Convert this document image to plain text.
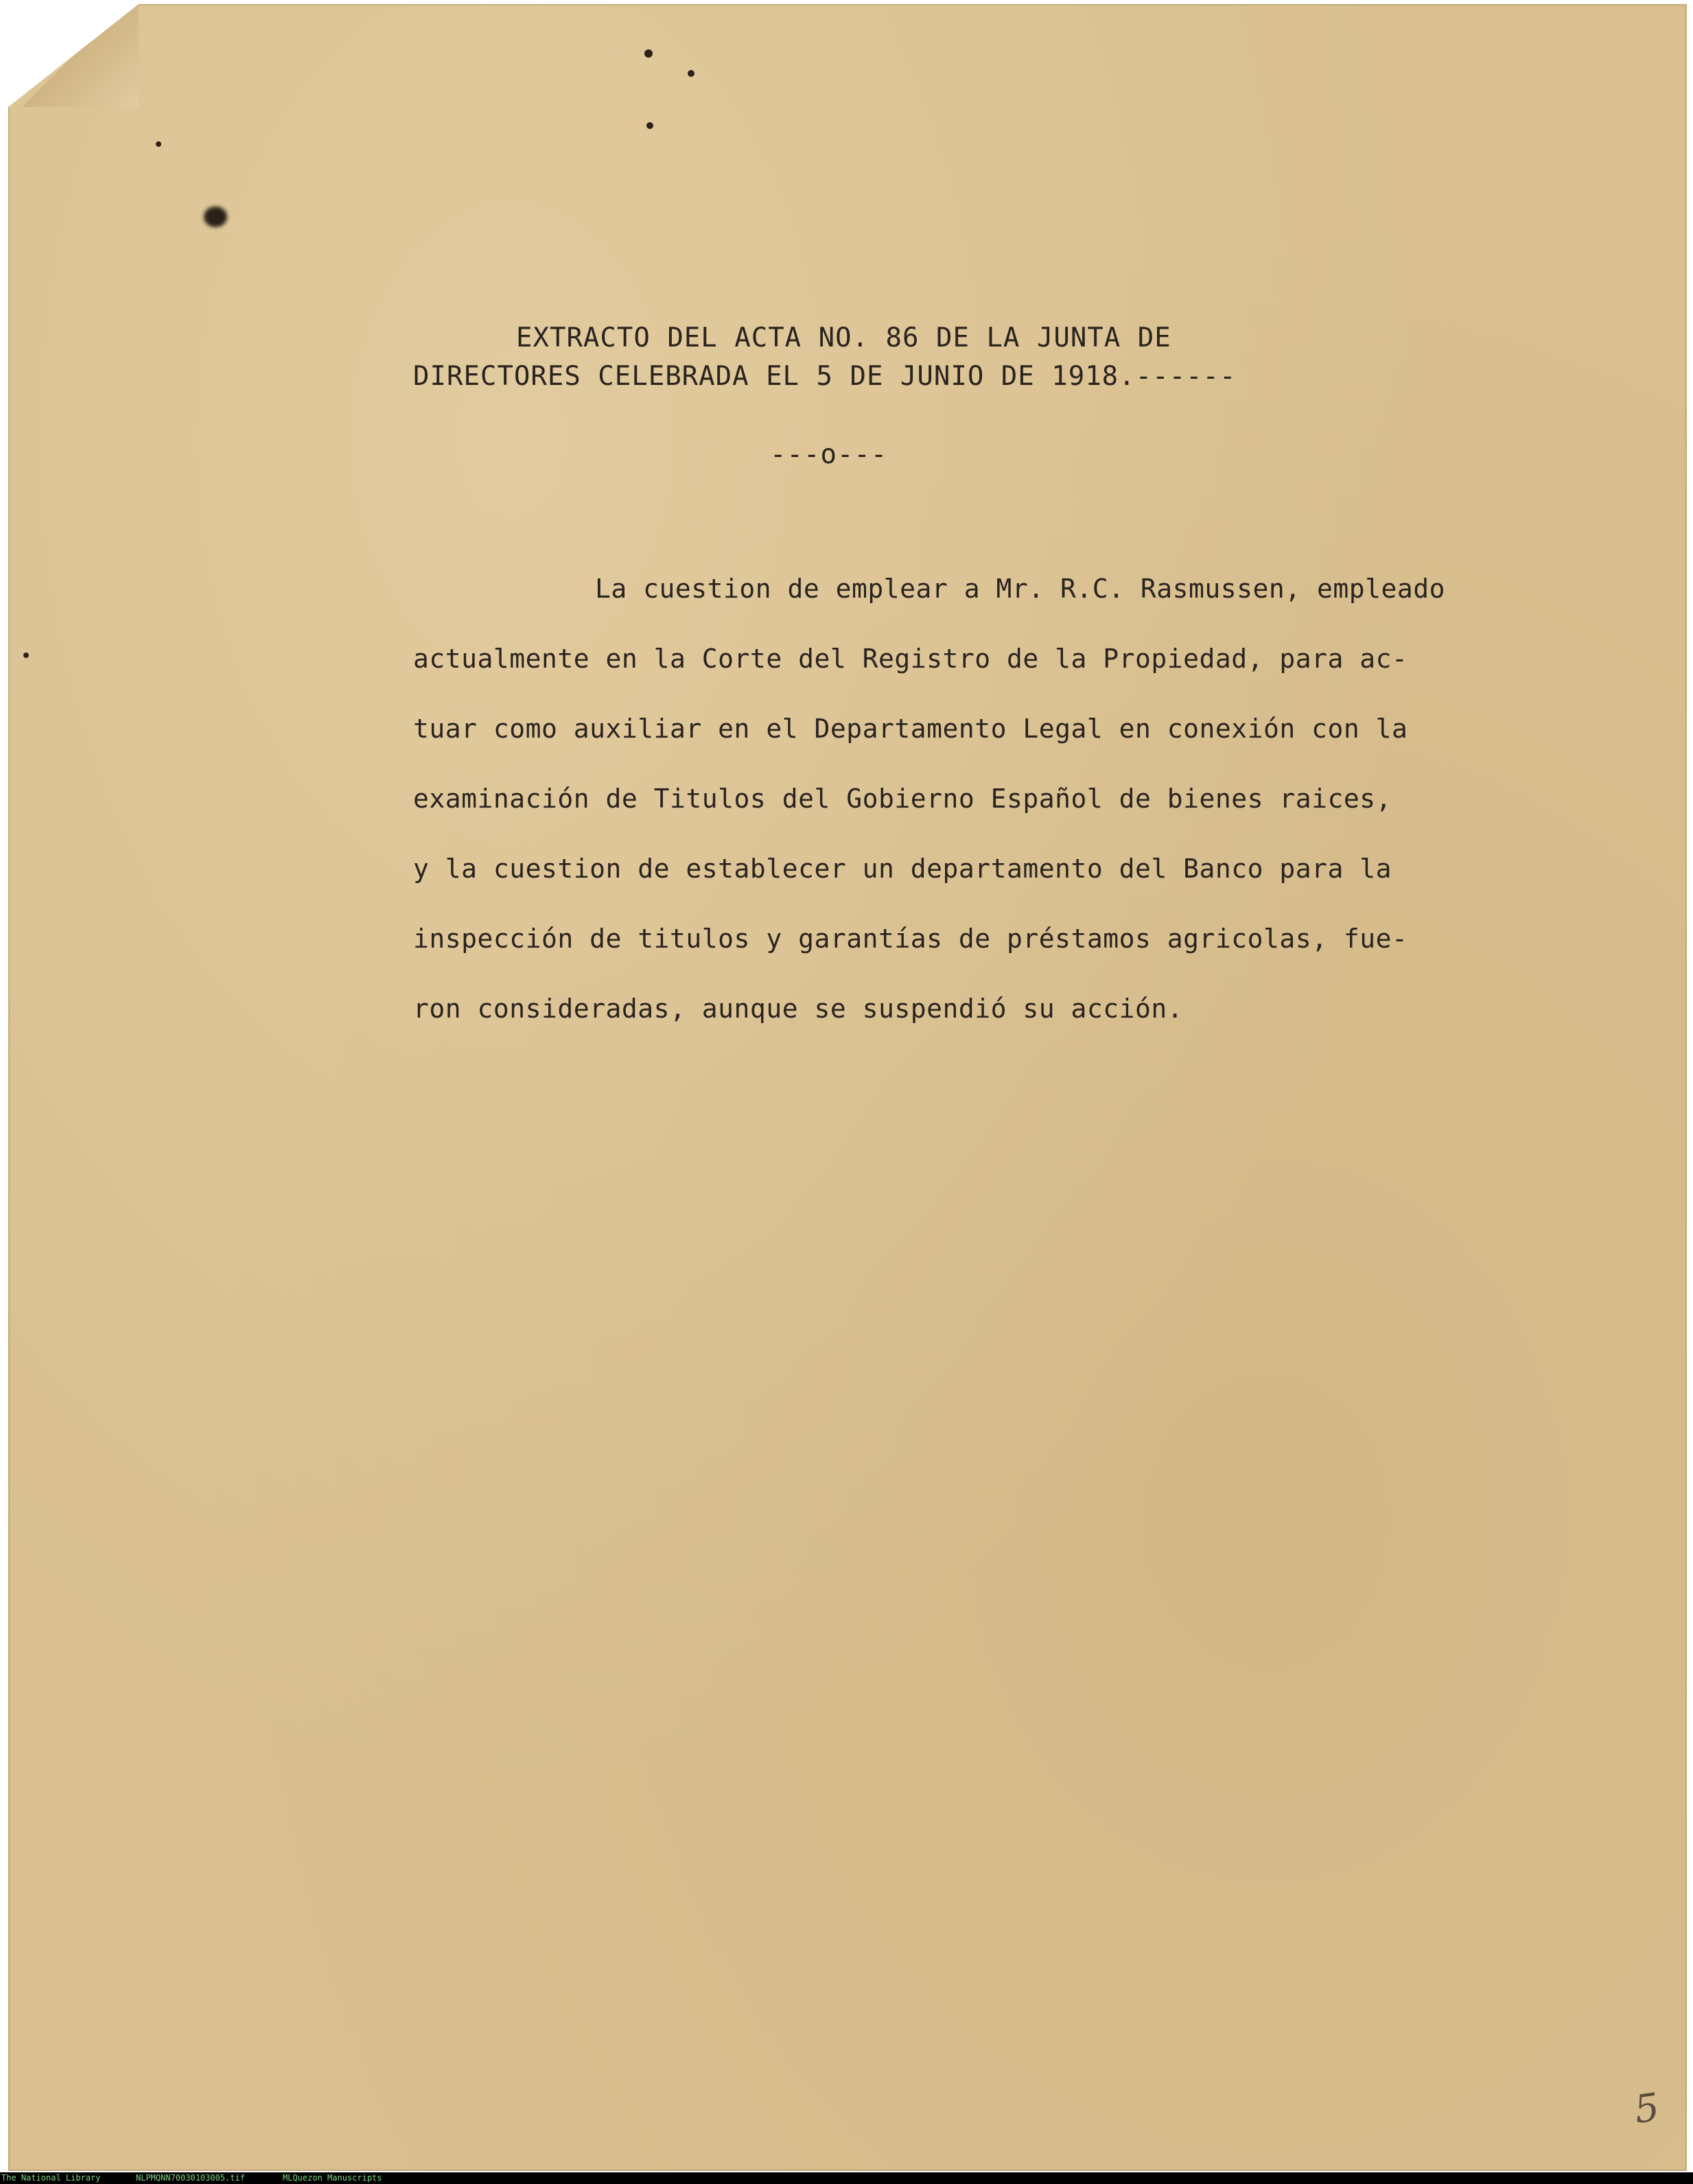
EXTRACTO DEL ACTA NO. 86 DE LA JUNTA DE
DIRECTORES CELEBRADA EL 5 DE JUNIO DE 1918.------
---o---
La cuestion de emplear a Mr. R.C. Rasmussen, empleado
actualmente en la Corte del Registro de la Propiedad, para ac-
tuar como auxiliar en el Departamento Legal en conexión con la
examinación de Titulos del Gobierno Español de bienes raices,
y la cuestion de establecer un departamento del Banco para la
inspección de titulos y garantías de préstamos agricolas, fue-
ron consideradas, aunque se suspendió su acción.
5

The National Library

	NLPMQNN70030103005.tif

	MLQuezon Manuscripts
